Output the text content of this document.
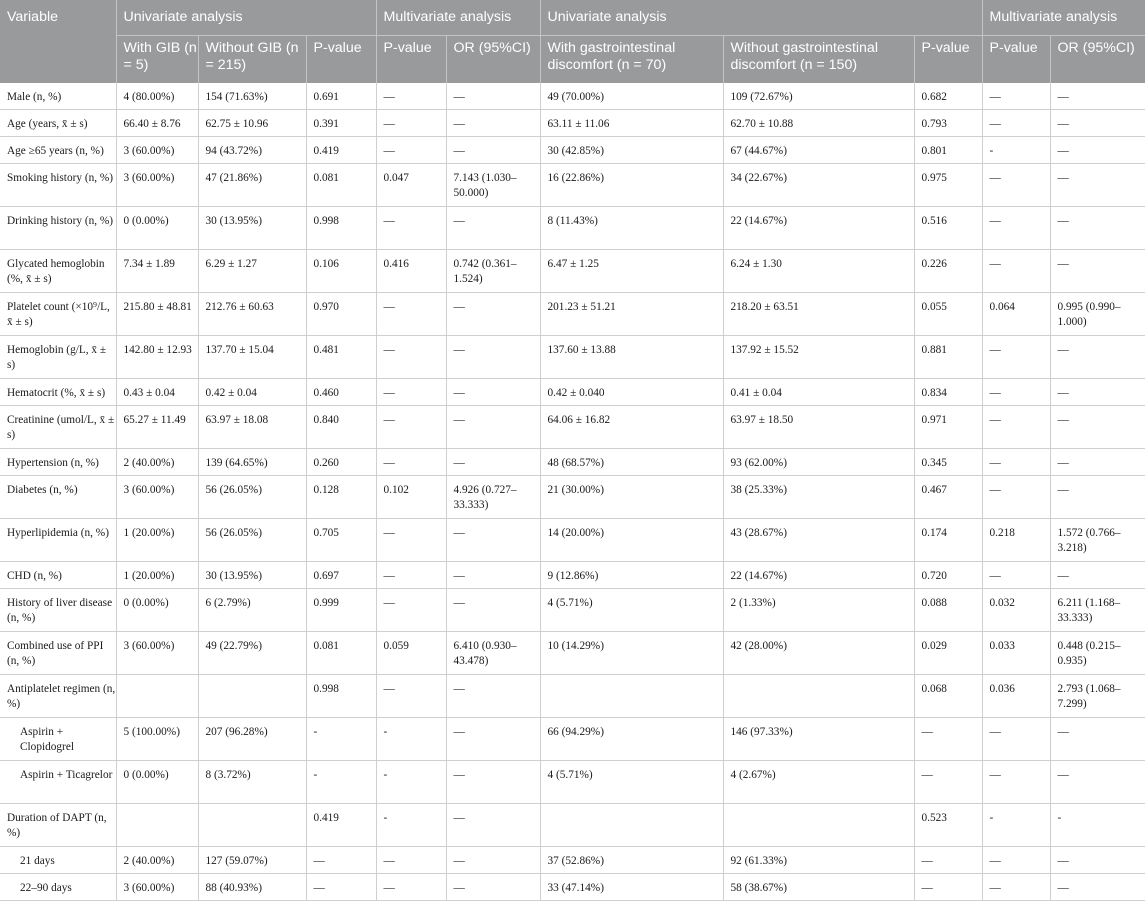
Variable	Univariate analysis			Multivariate analysis		Univariate analysis			Multivariate analysis	
	With GIB (n = 5)	Without GIB (n = 215)	P-value	P-value	OR (95%CI)	With gastrointestinal discomfort (n = 70)	Without gastrointestinal discomfort (n = 150)	P-value	P-value	OR (95%CI)
Male (n, %)	4 (80.00%)	154 (71.63%)	0.691	—	—	49 (70.00%)	109 (72.67%)	0.682	—	—
Age (years, x̄ ± s)	66.40 ± 8.76	62.75 ± 10.96	0.391	—	—	63.11 ± 11.06	62.70 ± 10.88	0.793	—	—
Age ≥65 years (n, %)	3 (60.00%)	94 (43.72%)	0.419	—	—	30 (42.85%)	67 (44.67%)	0.801	-	—
Smoking history (n, %)	3 (60.00%)	47 (21.86%)	0.081	0.047	7.143 (1.030–50.000)	16 (22.86%)	34 (22.67%)	0.975	—	—
Drinking history (n, %)	0 (0.00%)	30 (13.95%)	0.998	—	—	8 (11.43%)	22 (14.67%)	0.516	—	—
Glycated hemoglobin (%, x̄ ± s)	7.34 ± 1.89	6.29 ± 1.27	0.106	0.416	0.742 (0.361–1.524)	6.47 ± 1.25	6.24 ± 1.30	0.226	—	—
Platelet count (×10⁹/L, x̄ ± s)	215.80 ± 48.81	212.76 ± 60.63	0.970	—	—	201.23 ± 51.21	218.20 ± 63.51	0.055	0.064	0.995 (0.990–1.000)
Hemoglobin (g/L, x̄ ± s)	142.80 ± 12.93	137.70 ± 15.04	0.481	—	—	137.60 ± 13.88	137.92 ± 15.52	0.881	—	—
Hematocrit (%, x̄ ± s)	0.43 ± 0.04	0.42 ± 0.04	0.460	—	—	0.42 ± 0.040	0.41 ± 0.04	0.834	—	—
Creatinine (umol/L, x̄ ± s)	65.27 ± 11.49	63.97 ± 18.08	0.840	—	—	64.06 ± 16.82	63.97 ± 18.50	0.971	—	—
Hypertension (n, %)	2 (40.00%)	139 (64.65%)	0.260	—	—	48 (68.57%)	93 (62.00%)	0.345	—	—
Diabetes (n, %)	3 (60.00%)	56 (26.05%)	0.128	0.102	4.926 (0.727–33.333)	21 (30.00%)	38 (25.33%)	0.467	—	—
Hyperlipidemia (n, %)	1 (20.00%)	56 (26.05%)	0.705	—	—	14 (20.00%)	43 (28.67%)	0.174	0.218	1.572 (0.766–3.218)
CHD (n, %)	1 (20.00%)	30 (13.95%)	0.697	—	—	9 (12.86%)	22 (14.67%)	0.720	—	—
History of liver disease (n, %)	0 (0.00%)	6 (2.79%)	0.999	—	—	4 (5.71%)	2 (1.33%)	0.088	0.032	6.211 (1.168–33.333)
Combined use of PPI (n, %)	3 (60.00%)	49 (22.79%)	0.081	0.059	6.410 (0.930–43.478)	10 (14.29%)	42 (28.00%)	0.029	0.033	0.448 (0.215–0.935)
Antiplatelet regimen (n, %)			0.998	—	—			0.068	0.036	2.793 (1.068–7.299)
Aspirin + Clopidogrel	5 (100.00%)	207 (96.28%)	-	-	—	66 (94.29%)	146 (97.33%)	—	—	—
Aspirin + Ticagrelor	0 (0.00%)	8 (3.72%)	-	-	—	4 (5.71%)	4 (2.67%)	—	—	—
Duration of DAPT (n, %)			0.419	-	—			0.523	-	-
21 days	2 (40.00%)	127 (59.07%)	—	—	—	37 (52.86%)	92 (61.33%)	—	—	—
22–90 days	3 (60.00%)	88 (40.93%)	—	—	—	33 (47.14%)	58 (38.67%)	—	—	—
